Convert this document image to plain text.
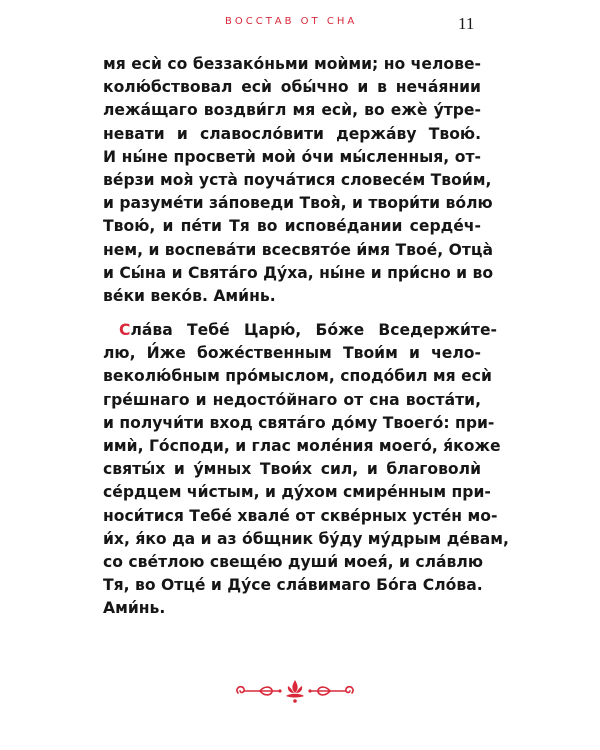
ВОССТАВ ОТ СНА	11
мя есѝ со беззако́ньми моѝми; но челове-
колю́бствовал есѝ обы́чно и в неча́янии
лежа́щаго воздви́гл мя есѝ, во ежѐ у́тре-
невати и славосло́вити держа́ву Твою́.
И ны́не просветѝ моѝ о́чи мы́сленныя, от-
ве́рзи моя̀ уста̀ поуча́тися словесе́м Твои́м,
и разуме́ти за́поведи Твоя̀, и твори́ти во́лю
Твою́, и пе́ти Тя во испове́дании серде́ч-
нем, и воспева́ти всесвято́е и́мя Твое́, Отца̀
и Сы́на и Свята́го Ду́ха, ны́не и при́сно и во
ве́ки веко́в. Ами́нь.
Сла́ва Тебе́ Царю́, Бо́же Вседержи́те-
лю, И́же боже́ственным Твои́м и чело-
веколю́бным про́мыслом, сподо́бил мя есѝ
гре́шнаго и недосто́йнаго от сна воста́ти,
и получи́ти вход свята́го до́му Твоего́: при-
имѝ, Го́споди, и глас моле́ния моего́, я́коже
святы́х и у́мных Твои́х сил, и благоволѝ
се́рдцем чи́стым, и ду́хом смире́нным при-
носи́тися Тебе́ хвале́ от скве́рных усте́н мо-
и́х, я́ко да и аз о́бщник бу́ду му́дрым де́вам,
со све́тлою свеще́ю души́ моея́, и сла́влю
Тя, во Отце́ и Ду́се сла́вимаго Бо́га Сло́ва.
Ами́нь.
